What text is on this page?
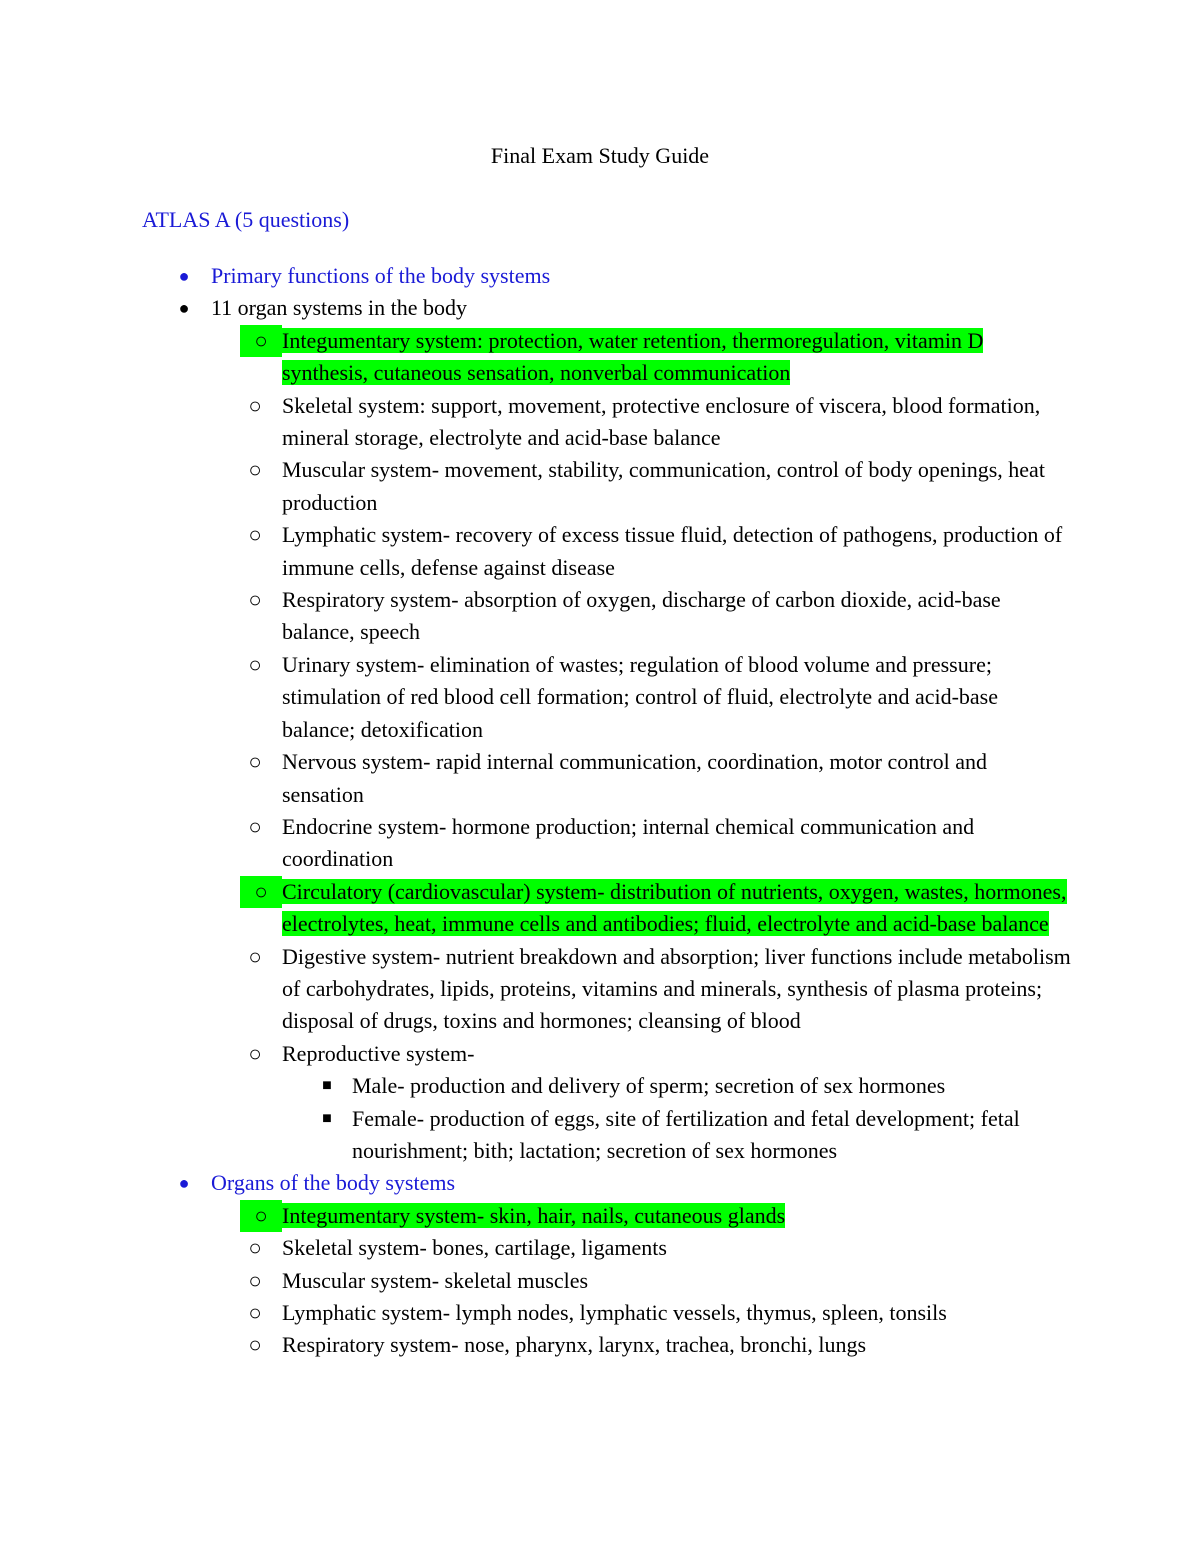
Final Exam Study Guide
ATLAS A (5 questions)
● Primary functions of the body systems
● 11 organ systems in the body
○ Integumentary system: protection, water retention, thermoregulation, vitamin D synthesis, cutaneous sensation, nonverbal communication
○ Skeletal system: support, movement, protective enclosure of viscera, blood formation, mineral storage, electrolyte and acid-base balance
○ Muscular system- movement, stability, communication, control of body openings, heat production
○ Lymphatic system- recovery of excess tissue fluid, detection of pathogens, production of immune cells, defense against disease
○ Respiratory system- absorption of oxygen, discharge of carbon dioxide, acid-base balance, speech
○ Urinary system- elimination of wastes; regulation of blood volume and pressure; stimulation of red blood cell formation; control of fluid, electrolyte and acid-base balance; detoxification
○ Nervous system- rapid internal communication, coordination, motor control and sensation
○ Endocrine system- hormone production; internal chemical communication and coordination
○ Circulatory (cardiovascular) system- distribution of nutrients, oxygen, wastes, hormones, electrolytes, heat, immune cells and antibodies; fluid, electrolyte and acid-base balance
○ Digestive system- nutrient breakdown and absorption; liver functions include metabolism of carbohydrates, lipids, proteins, vitamins and minerals, synthesis of plasma proteins; disposal of drugs, toxins and hormones; cleansing of blood
○ Reproductive system-
■ Male- production and delivery of sperm; secretion of sex hormones
■ Female- production of eggs, site of fertilization and fetal development; fetal nourishment; bith; lactation; secretion of sex hormones
● Organs of the body systems
○ Integumentary system- skin, hair, nails, cutaneous glands
○ Skeletal system- bones, cartilage, ligaments
○ Muscular system- skeletal muscles
○ Lymphatic system- lymph nodes, lymphatic vessels, thymus, spleen, tonsils
○ Respiratory system- nose, pharynx, larynx, trachea, bronchi, lungs
